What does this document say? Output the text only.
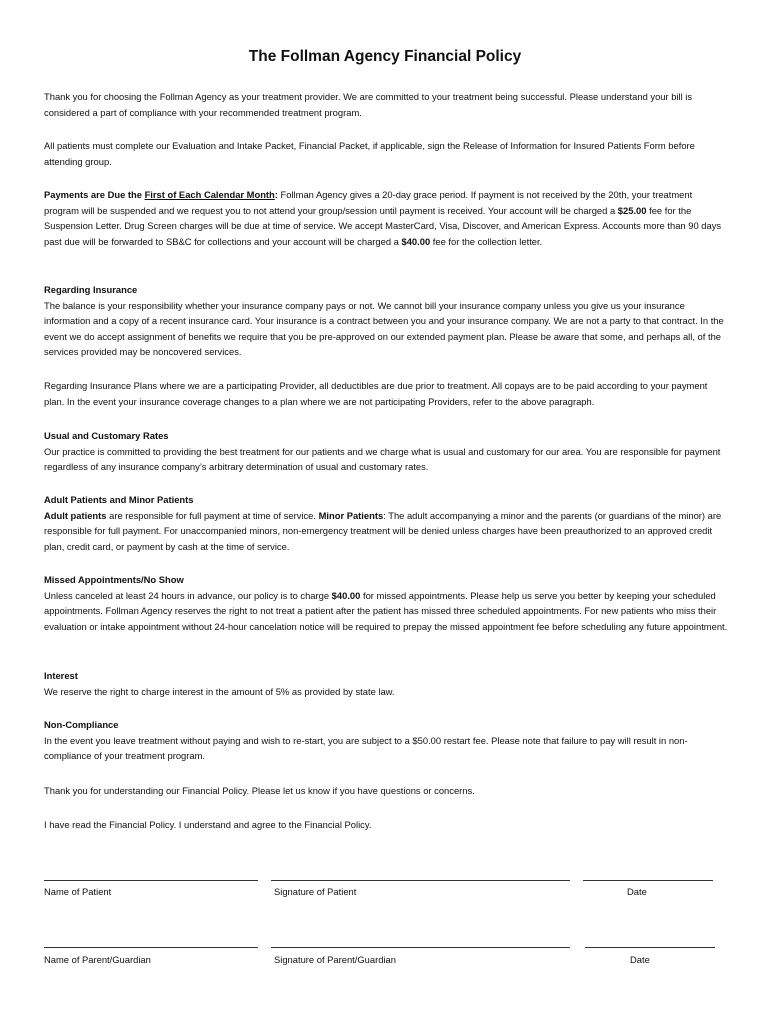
The Follman Agency Financial Policy
Thank you for choosing the Follman Agency as your treatment provider. We are committed to your treatment being successful. Please understand your bill is considered a part of compliance with your recommended treatment program.
All patients must complete our Evaluation and Intake Packet, Financial Packet, if applicable, sign the Release of Information for Insured Patients Form before attending group.
Payments are Due the First of Each Calendar Month: Follman Agency gives a 20-day grace period. If payment is not received by the 20th, your treatment program will be suspended and we request you to not attend your group/session until payment is received. Your account will be charged a $25.00 fee for the Suspension Letter. Drug Screen charges will be due at time of service. We accept MasterCard, Visa, Discover, and American Express. Accounts more than 90 days past due will be forwarded to SB&C for collections and your account will be charged a $40.00 fee for the collection letter.
Regarding Insurance
The balance is your responsibility whether your insurance company pays or not. We cannot bill your insurance company unless you give us your insurance information and a copy of a recent insurance card. Your insurance is a contract between you and your insurance company. We are not a party to that contract. In the event we do accept assignment of benefits we require that you be pre-approved on our extended payment plan. Please be aware that some, and perhaps all, of the services provided may be noncovered services.
Regarding Insurance Plans where we are a participating Provider, all deductibles are due prior to treatment. All copays are to be paid according to your payment plan. In the event your insurance coverage changes to a plan where we are not participating Providers, refer to the above paragraph.
Usual and Customary Rates
Our practice is committed to providing the best treatment for our patients and we charge what is usual and customary for our area. You are responsible for payment regardless of any insurance company’s arbitrary determination of usual and customary rates.
Adult Patients and Minor Patients
Adult patients are responsible for full payment at time of service. Minor Patients: The adult accompanying a minor and the parents (or guardians of the minor) are responsible for full payment. For unaccompanied minors, non-emergency treatment will be denied unless charges have been preauthorized to an approved credit plan, credit card, or payment by cash at the time of service.
Missed Appointments/No Show
Unless canceled at least 24 hours in advance, our policy is to charge $40.00 for missed appointments. Please help us serve you better by keeping your scheduled appointments. Follman Agency reserves the right to not treat a patient after the patient has missed three scheduled appointments. For new patients who miss their evaluation or intake appointment without 24-hour cancelation notice will be required to prepay the missed appointment fee before scheduling any future appointment.
Interest
We reserve the right to charge interest in the amount of 5% as provided by state law.
Non-Compliance
In the event you leave treatment without paying and wish to re-start, you are subject to a $50.00 restart fee. Please note that failure to pay will result in non-compliance of your treatment program.
Thank you for understanding our Financial Policy. Please let us know if you have questions or concerns.
I have read the Financial Policy. I understand and agree to the Financial Policy.
Name of Patient	Signature of Patient	Date
Name of Parent/Guardian	Signature of Parent/Guardian	Date
